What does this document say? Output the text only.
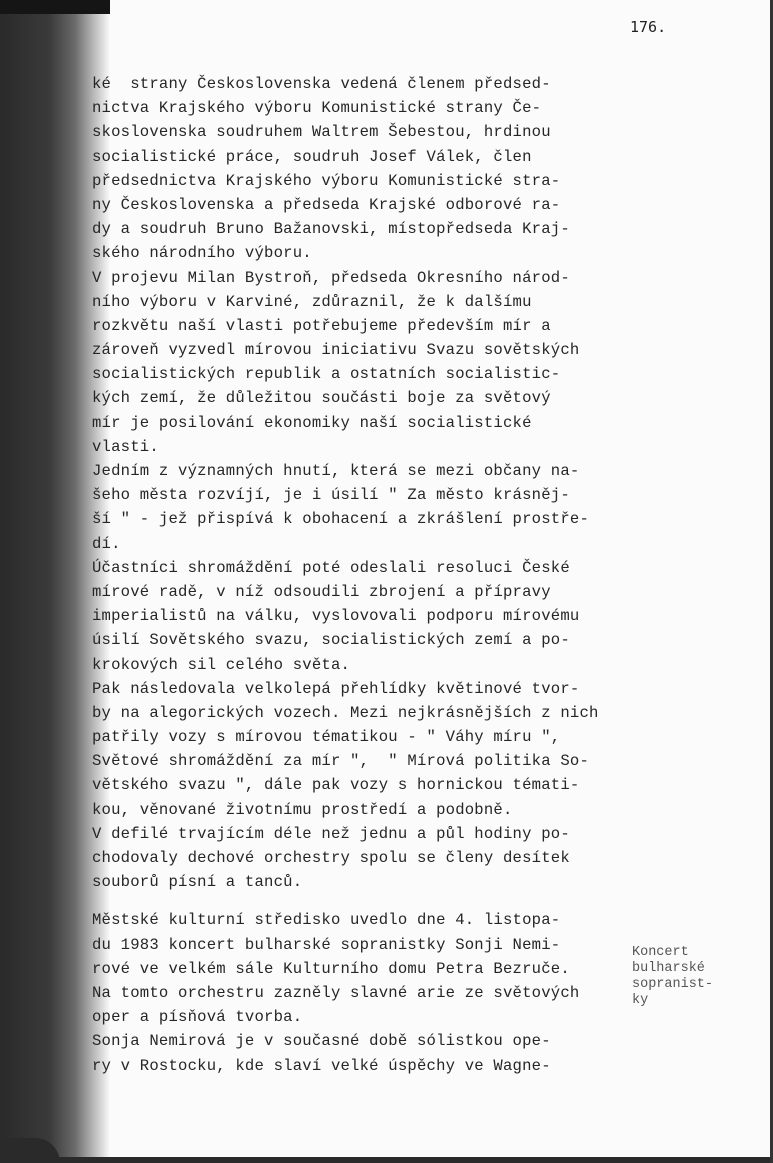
176.
ké  strany Československa vedená členem předsed-
nictva Krajského výboru Komunistické strany Če-
skoslovenska soudruhem Waltrem Šebestou, hrdinou
socialistické práce, soudruh Josef Válek, člen
předsednictva Krajského výboru Komunistické stra-
ny Československa a předseda Krajské odborové ra-
dy a soudruh Bruno Bažanovski, místopředseda Kraj-
ského národního výboru.
V projevu Milan Bystroň, předseda Okresního národ-
ního výboru v Karviné, zdůraznil, že k dalšímu
rozkvětu naší vlasti potřebujeme především mír a
zároveň vyzvedl mírovou iniciativu Svazu sovětských
socialistických republik a ostatních socialistic-
kých zemí, že důležitou součásti boje za světový
mír je posilování ekonomiky naší socialistické
vlasti.
Jedním z významných hnutí, která se mezi občany na-
šeho města rozvíjí, je i úsilí " Za město krásněj-
ší " - jež přispívá k obohacení a zkrášlení prostře-
dí.
Účastníci shromáždění poté odeslali resoluci České
mírové radě, v níž odsoudili zbrojení a přípravy
imperialistů na válku, vyslovovali podporu mírovému
úsilí Sovětského svazu, socialistických zemí a po-
krokových sil celého světa.
Pak následovala velkolepá přehlídky květinové tvor-
by na alegorických vozech. Mezi nejkrásnějších z nich
patřily vozy s mírovou tématikou - " Váhy míru ",
Světové shromáždění za mír ",  " Mírová politika So-
větského svazu ", dále pak vozy s hornickou témati-
kou, věnované životnímu prostředí a podobně.
V defilé trvajícím déle než jednu a půl hodiny po-
chodovaly dechové orchestry spolu se členy desítek
souborů písní a tanců.
Městské kulturní středisko uvedlo dne 4. listopa-
du 1983 koncert bulharské sopranistky Sonji Nemi-
rové ve velkém sále Kulturního domu Petra Bezruče.
Na tomto orchestru zazněly slavné arie ze světových
oper a písňová tvorba.
Sonja Nemirová je v současné době sólistkou ope-
ry v Rostocku, kde slaví velké úspěchy ve Wagne-
Koncert
bulharské
sopranist-
ky
